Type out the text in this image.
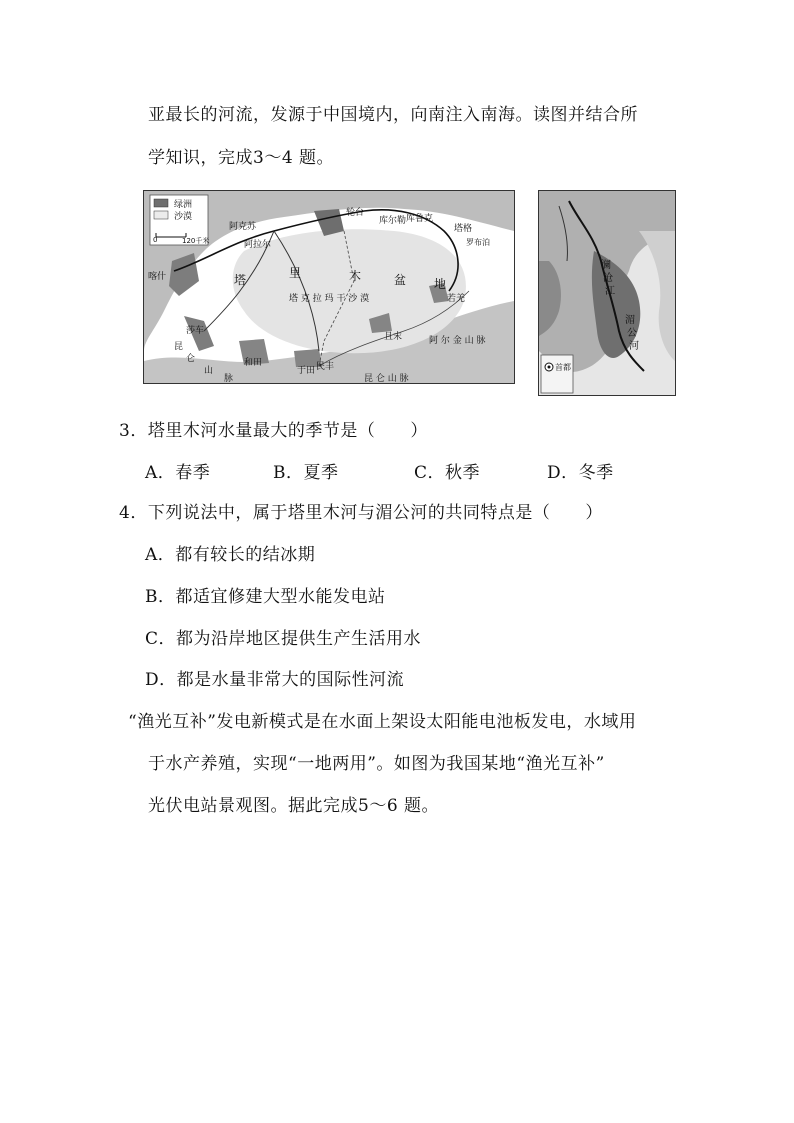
亚最长的河流，发源于中国境内，向南注入南海。读图并结合所
学知识，完成3～4 题。
绿洲
沙漠
0	120千米
轮台
库尔勒 库鲁克
塔格
罗布泊
阿克苏
阿拉尔
喀什
莎车
和田
于田 民丰
且末
若羌
塔	里	木	盆 地
塔 克 拉 玛 干 沙 漠
昆
仑
山
脉	昆 仑 山 脉
阿 尔 金 山 脉
澜
沧
江
湄
公
河
首都
3．塔里木河水量最大的季节是（　　）
A．春季	B．夏季	C．秋季	D．冬季
4．下列说法中，属于塔里木河与湄公河的共同特点是（　　）
A．都有较长的结冰期
B．都适宜修建大型水能发电站
C．都为沿岸地区提供生产生活用水
D．都是水量非常大的国际性河流
“渔光互补”发电新模式是在水面上架设太阳能电池板发电，水域用
于水产养殖，实现“一地两用”。如图为我国某地“渔光互补”
光伏电站景观图。据此完成5～6 题。
